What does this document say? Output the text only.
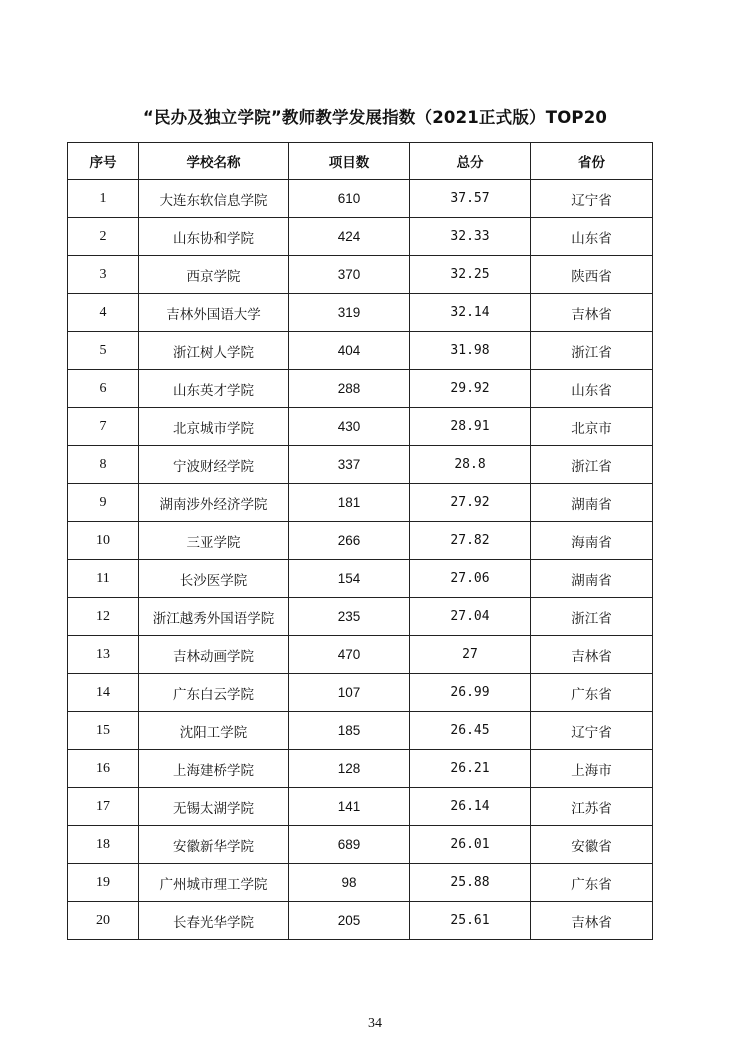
“民办及独立学院”教师教学发展指数（2021正式版）TOP20
序号	学校名称	项目数	总分	省份
1	大连东软信息学院	610	37.57	辽宁省
2	山东协和学院	424	32.33	山东省
3	西京学院	370	32.25	陕西省
4	吉林外国语大学	319	32.14	吉林省
5	浙江树人学院	404	31.98	浙江省
6	山东英才学院	288	29.92	山东省
7	北京城市学院	430	28.91	北京市
8	宁波财经学院	337	28.8	浙江省
9	湖南涉外经济学院	181	27.92	湖南省
10	三亚学院	266	27.82	海南省
11	长沙医学院	154	27.06	湖南省
12	浙江越秀外国语学院	235	27.04	浙江省
13	吉林动画学院	470	27	吉林省
14	广东白云学院	107	26.99	广东省
15	沈阳工学院	185	26.45	辽宁省
16	上海建桥学院	128	26.21	上海市
17	无锡太湖学院	141	26.14	江苏省
18	安徽新华学院	689	26.01	安徽省
19	广州城市理工学院	98	25.88	广东省
20	长春光华学院	205	25.61	吉林省
34
